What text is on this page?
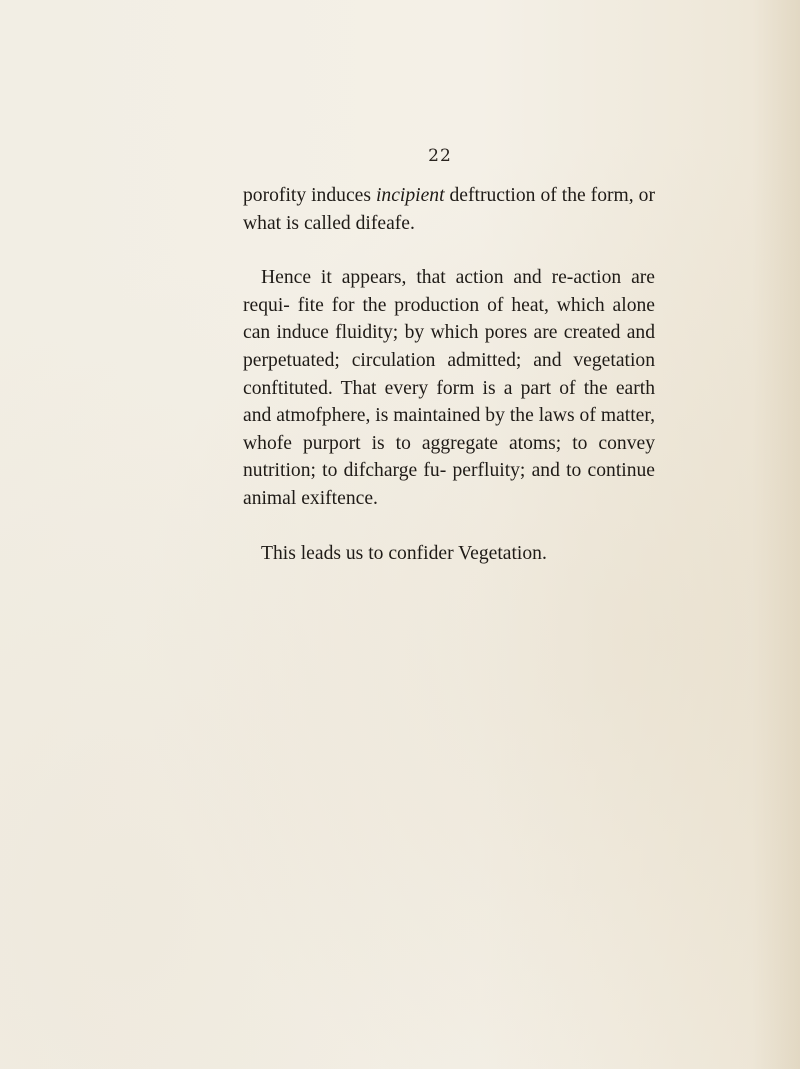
22

porofity induces incipient deftruction of the form, or what is called difeafe.

Hence it appears, that action and re-action are requi- fite for the production of heat, which alone can induce fluidity; by which pores are created and perpetuated; circulation admitted; and vegetation conftituted. That every form is a part of the earth and atmofphere, is maintained by the laws of matter, whofe purport is to aggregate atoms; to convey nutrition; to difcharge fu- perfluity; and to continue animal exiftence.

This leads us to confider Vegetation.
